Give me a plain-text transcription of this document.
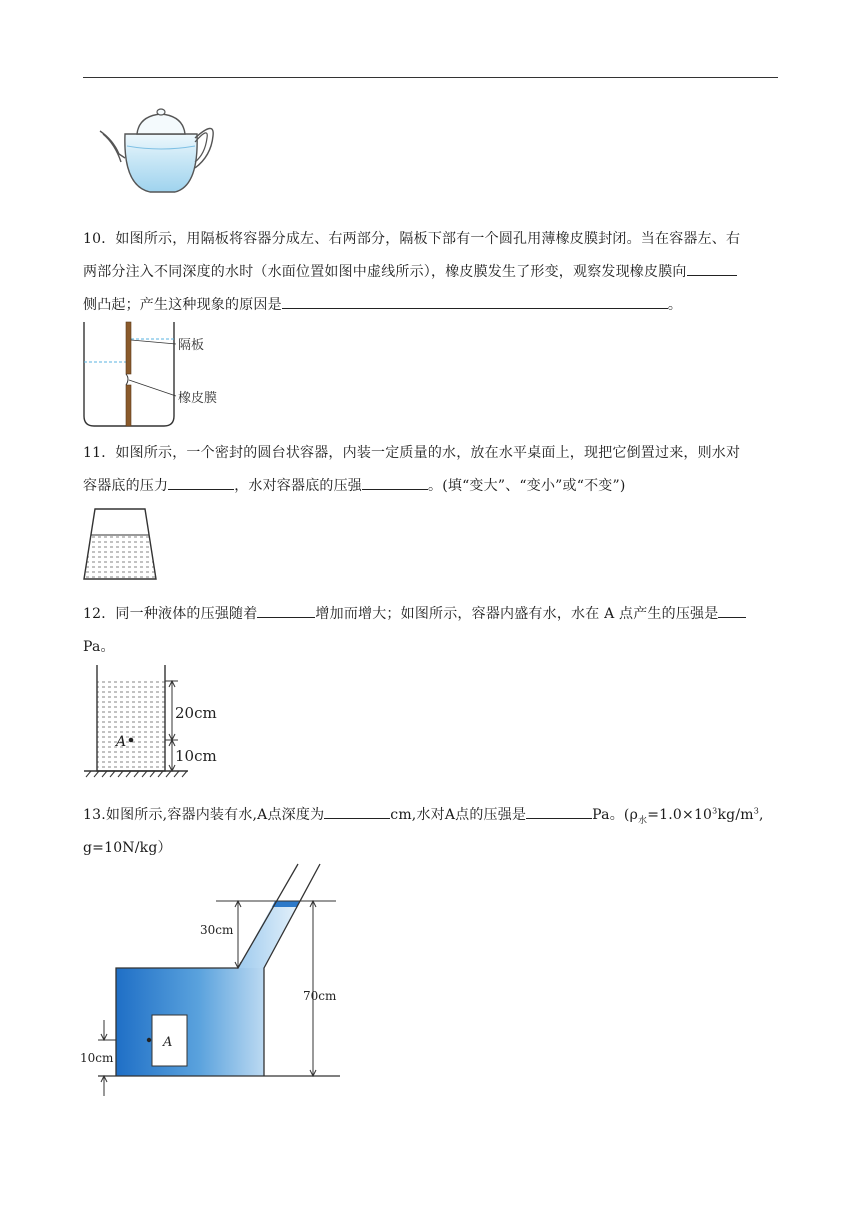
10．如图所示，用隔板将容器分成左、右两部分，隔板下部有一个圆孔用薄橡皮膜封闭。当在容器左、右
两部分注入不同深度的水时（水面位置如图中虚线所示），橡皮膜发生了形变，观察发现橡皮膜向
侧凸起；产生这种现象的原因是	。
隔板
橡皮膜
11．如图所示，一个密封的圆台状容器，内装一定质量的水，放在水平桌面上，现把它倒置过来，则水对
容器底的压力	，水对容器底的压强	。(填“变大”、“变小”或“不变”)
12．同一种液体的压强随着	增加而增大；如图所示，容器内盛有水，水在 A 点产生的压强是
Pa。
20cm
10cm
A
13.如图所示,容器内装有水,A点深度为	cm,水对A点的压强是	Pa。($\rho_水=1.0\times 10^3kg/m^3$,
g=10N/kg）
A
30cm
70cm
10cm
